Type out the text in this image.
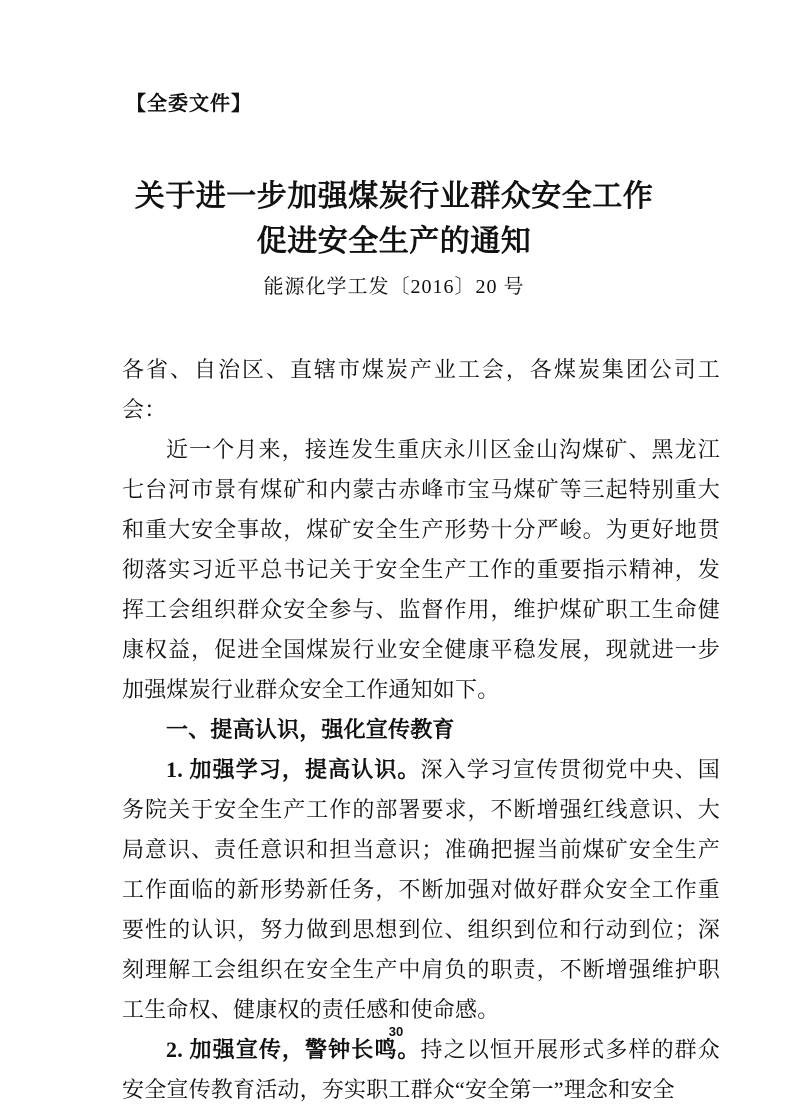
【全委文件】
关于进一步加强煤炭行业群众安全工作
促进安全生产的通知
能源化学工发〔2016〕20 号

各省、自治区、直辖市煤炭产业工会，各煤炭集团公司工会：

近一个月来，接连发生重庆永川区金山沟煤矿、黑龙江七台河市景有煤矿和内蒙古赤峰市宝马煤矿等三起特别重大和重大安全事故，煤矿安全生产形势十分严峻。为更好地贯彻落实习近平总书记关于安全生产工作的重要指示精神，发挥工会组织群众安全参与、监督作用，维护煤矿职工生命健康权益，促进全国煤炭行业安全健康平稳发展，现就进一步加强煤炭行业群众安全工作通知如下。

一、提高认识，强化宣传教育

1. 加强学习，提高认识。深入学习宣传贯彻党中央、国务院关于安全生产工作的部署要求，不断增强红线意识、大局意识、责任意识和担当意识；准确把握当前煤矿安全生产工作面临的新形势新任务，不断加强对做好群众安全工作重要性的认识，努力做到思想到位、组织到位和行动到位；深刻理解工会组织在安全生产中肩负的职责，不断增强维护职工生命权、健康权的责任感和使命感。

2. 加强宣传，警钟长鸣。持之以恒开展形式多样的群众安全宣传教育活动，夯实职工群众“安全第一”理念和安全

30
